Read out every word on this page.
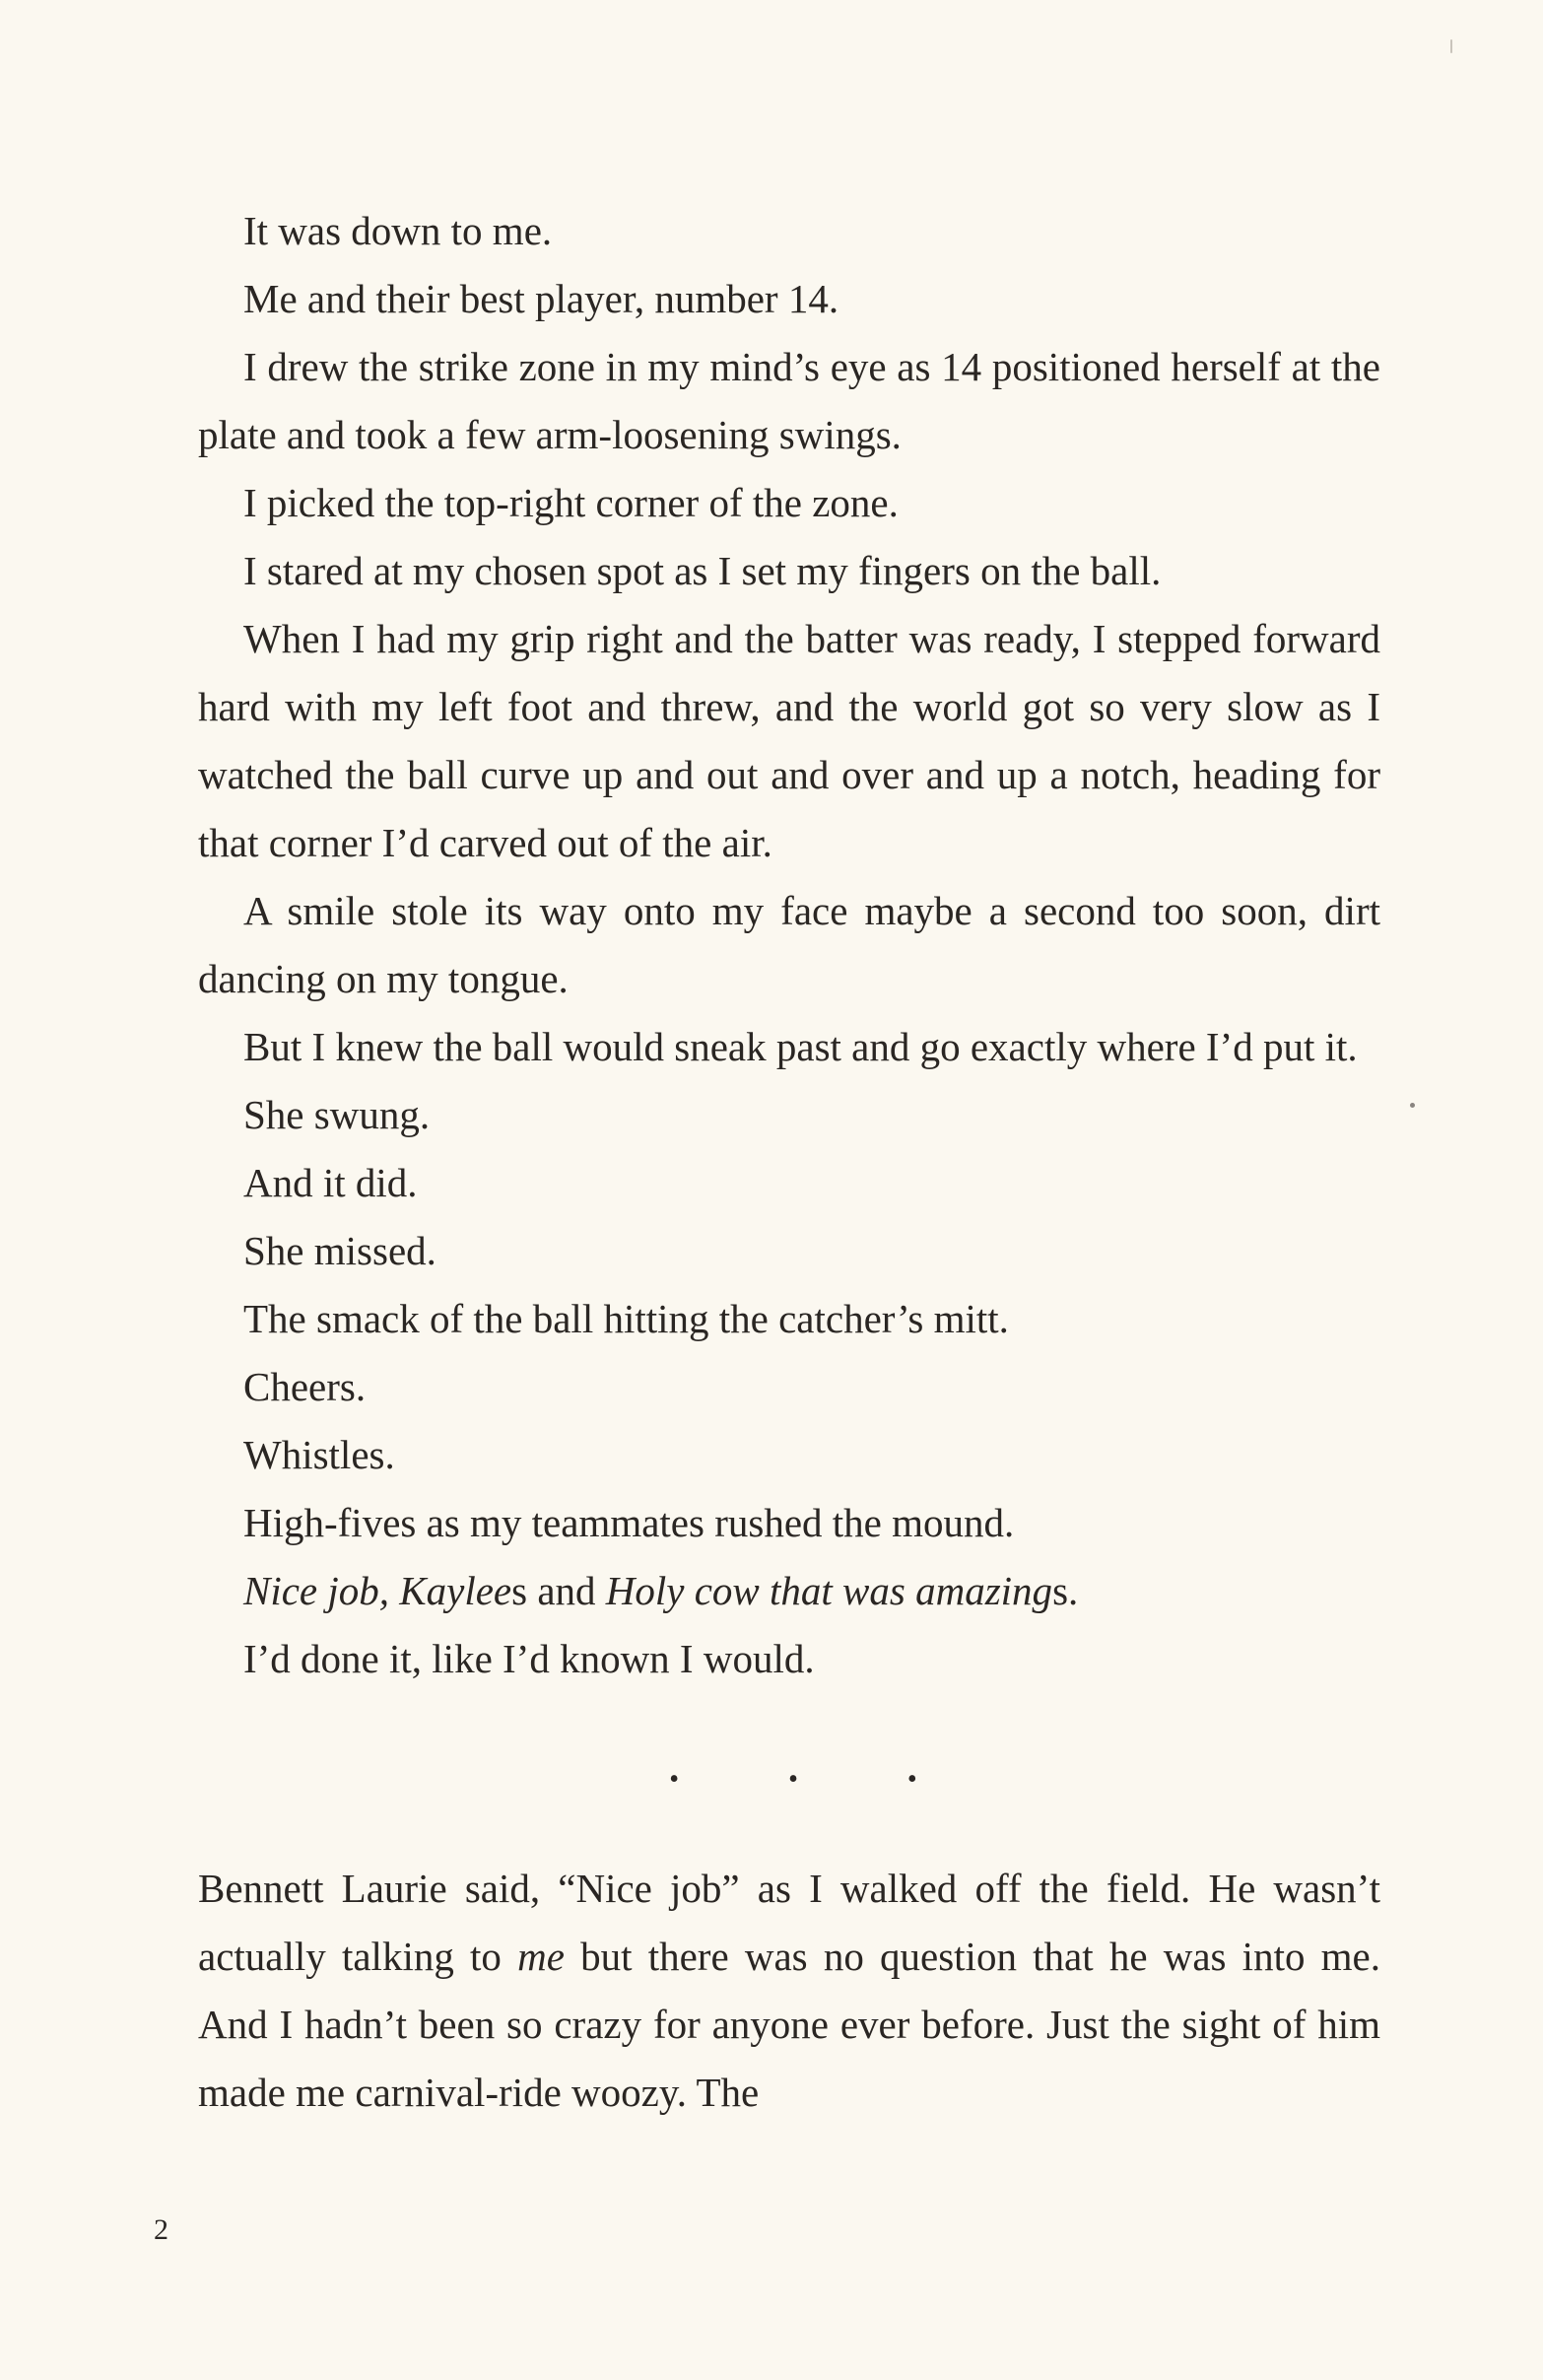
It was down to me.

Me and their best player, number 14.

I drew the strike zone in my mind’s eye as 14 positioned herself at the plate and took a few arm-loosening swings.

I picked the top-right corner of the zone.

I stared at my chosen spot as I set my fingers on the ball.

When I had my grip right and the batter was ready, I stepped forward hard with my left foot and threw, and the world got so very slow as I watched the ball curve up and out and over and up a notch, heading for that corner I’d carved out of the air.

A smile stole its way onto my face maybe a second too soon, dirt dancing on my tongue.

But I knew the ball would sneak past and go exactly where I’d put it.

She swung.

And it did.

She missed.

The smack of the ball hitting the catcher’s mitt.

Cheers.

Whistles.

High-fives as my teammates rushed the mound.

Nice job, Kaylees and Holy cow that was amazings.

I’d done it, like I’d known I would.

• • •

Bennett Laurie said, “Nice job” as I walked off the field. He wasn’t actually talking to me but there was no question that he was into me. And I hadn’t been so crazy for anyone ever before. Just the sight of him made me carnival-ride woozy. The

2
